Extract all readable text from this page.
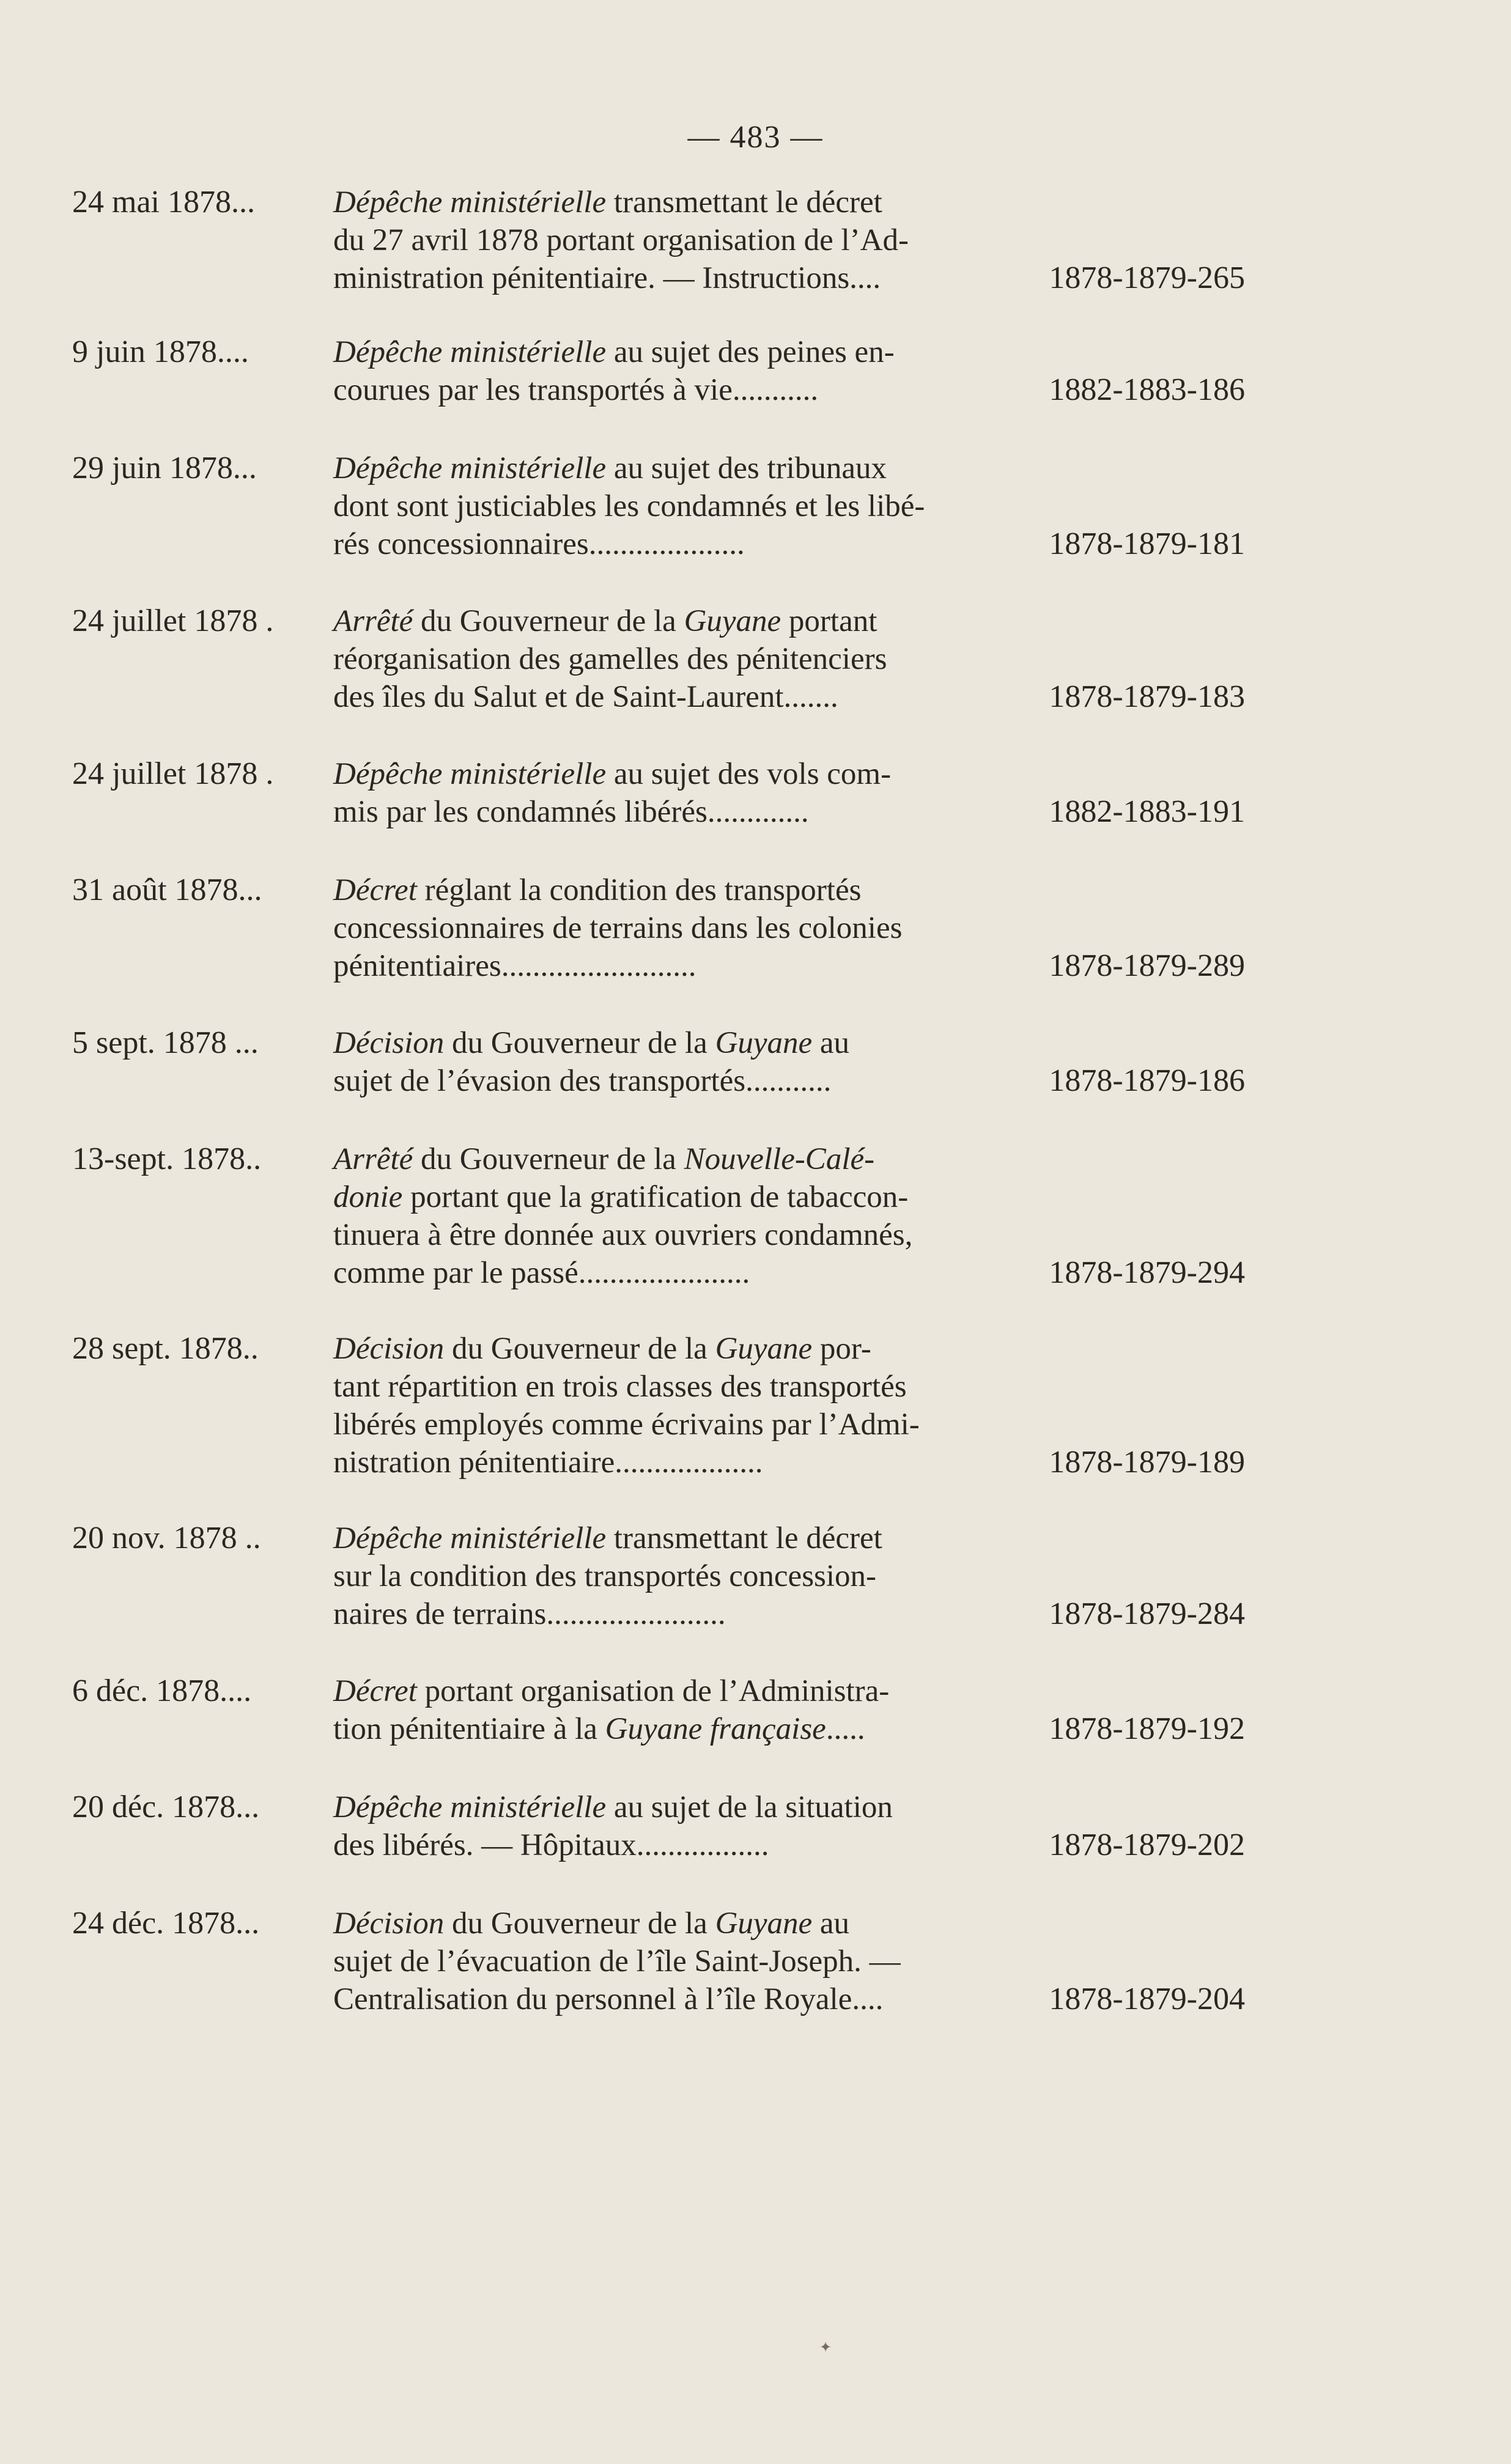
— 483 —
24 mai 1878...	Dépêche ministérielle transmettant le décret

du 27 avril 1878 portant organisation de l’Ad-

ministration pénitentiaire. — Instructions....	1878-1879-265
9 juin 1878....	Dépêche ministérielle au sujet des peines en-

courues par les transportés à vie...........	1882-1883-186
29 juin 1878...	Dépêche ministérielle au sujet des tribunaux

dont sont justiciables les condamnés et les libé-

rés concessionnaires....................	1878-1879-181
24 juillet 1878 .	Arrêté du Gouverneur de la Guyane portant

réorganisation des gamelles des pénitenciers

des îles du Salut et de Saint-Laurent.......	1878-1879-183
24 juillet 1878 .	Dépêche ministérielle au sujet des vols com-

mis par les condamnés libérés.............	1882-1883-191
31 août 1878...	Décret réglant la condition des transportés

concessionnaires de terrains dans les colonies

pénitentiaires.........................	1878-1879-289
5 sept. 1878 ...	Décision du Gouverneur de la Guyane au

sujet de l’évasion des transportés...........	1878-1879-186
13-sept. 1878..	Arrêté du Gouverneur de la Nouvelle-Calé-

donie portant que la gratification de tabaccon-

tinuera à être donnée aux ouvriers condamnés,

comme par le passé......................	1878-1879-294
28 sept. 1878..	Décision du Gouverneur de la Guyane por-

tant répartition en trois classes des transportés

libérés employés comme écrivains par l’Admi-

nistration pénitentiaire...................	1878-1879-189
20 nov. 1878 ..	Dépêche ministérielle transmettant le décret

sur la condition des transportés concession-

naires de terrains.......................	1878-1879-284
6 déc. 1878....	Décret portant organisation de l’Administra-

tion pénitentiaire à la Guyane française.....	1878-1879-192
20 déc. 1878...	Dépêche ministérielle au sujet de la situation

des libérés. — Hôpitaux.................	1878-1879-202
24 déc. 1878...	Décision du Gouverneur de la Guyane au

sujet de l’évacuation de l’île Saint-Joseph. —

Centralisation du personnel à l’île Royale....	1878-1879-204
✦
